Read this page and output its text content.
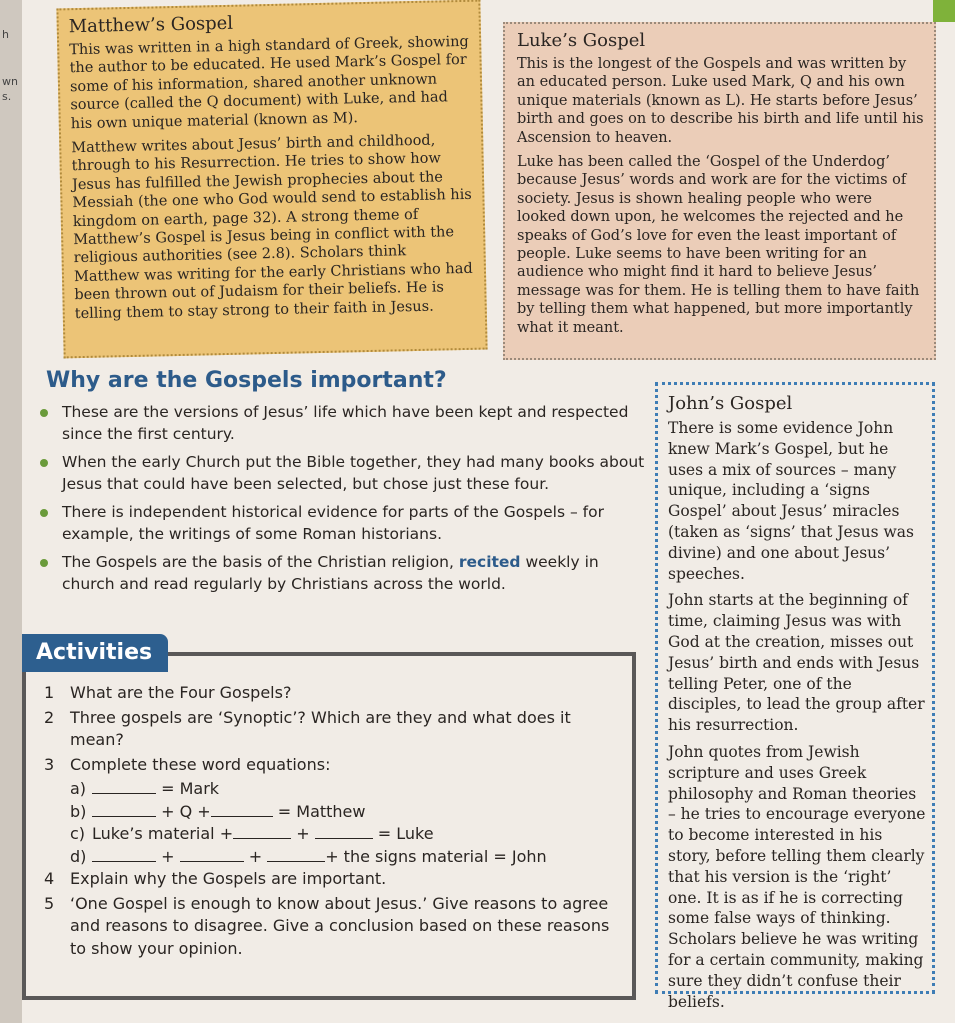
h
wn
s.
Matthew’s Gospel

This was written in a high standard of Greek, showing the author to be educated. He used Mark’s Gospel for some of his information, shared another unknown source (called the Q document) with Luke, and had his own unique material (known as M).

Matthew writes about Jesus’ birth and childhood, through to his Resurrection. He tries to show how Jesus has fulfilled the Jewish prophecies about the Messiah (the one who God would send to establish his kingdom on earth, page 32). A strong theme of Matthew’s Gospel is Jesus being in conflict with the religious authorities (see 2.8). Scholars think Matthew was writing for the early Christians who had been thrown out of Judaism for their beliefs. He is telling them to stay strong to their faith in Jesus.

Luke’s Gospel

This is the longest of the Gospels and was written by an educated person. Luke used Mark, Q and his own unique materials (known as L). He starts before Jesus’ birth and goes on to describe his birth and life until his Ascension to heaven.

Luke has been called the ‘Gospel of the Underdog’ because Jesus’ words and work are for the victims of society. Jesus is shown healing people who were looked down upon, he welcomes the rejected and he speaks of God’s love for even the least important of people. Luke seems to have been writing for an audience who might find it hard to believe Jesus’ message was for them. He is telling them to have faith by telling them what happened, but more importantly what it meant.

Why are the Gospels important?
These are the versions of Jesus’ life which have been kept and respected since the first century.
When the early Church put the Bible together, they had many books about Jesus that could have been selected, but chose just these four.
There is independent historical evidence for parts of the Gospels – for example, the writings of some Roman historians.
The Gospels are the basis of the Christian religion, recited weekly in church and read regularly by Christians across the world.
John’s Gospel

There is some evidence John knew Mark’s Gospel, but he uses a mix of sources – many unique, including a ‘signs Gospel’ about Jesus’ miracles (taken as ‘signs’ that Jesus was divine) and one about Jesus’ speeches.

John starts at the beginning of time, claiming Jesus was with God at the creation, misses out Jesus’ birth and ends with Jesus telling Peter, one of the disciples, to lead the group after his resurrection.

John quotes from Jewish scripture and uses Greek philosophy and Roman theories – he tries to encourage everyone to become interested in his story, before telling them clearly that his version is the ‘right’ one. It is as if he is correcting some false ways of thinking. Scholars believe he was writing for a certain community, making sure they didn’t confuse their beliefs.

1 What are the Four Gospels?
2 Three gospels are ‘Synoptic’? Which are they and what does it mean?
3 Complete these word equations:
a)	= Mark
b)	+ Q +	= Matthew
c) Luke’s material +	+	= Luke
d)	+	+	+ the signs material = John
4 Explain why the Gospels are important.
5 ‘One Gospel is enough to know about Jesus.’ Give reasons to agree and reasons to disagree. Give a conclusion based on these reasons to show your opinion.
Activities
